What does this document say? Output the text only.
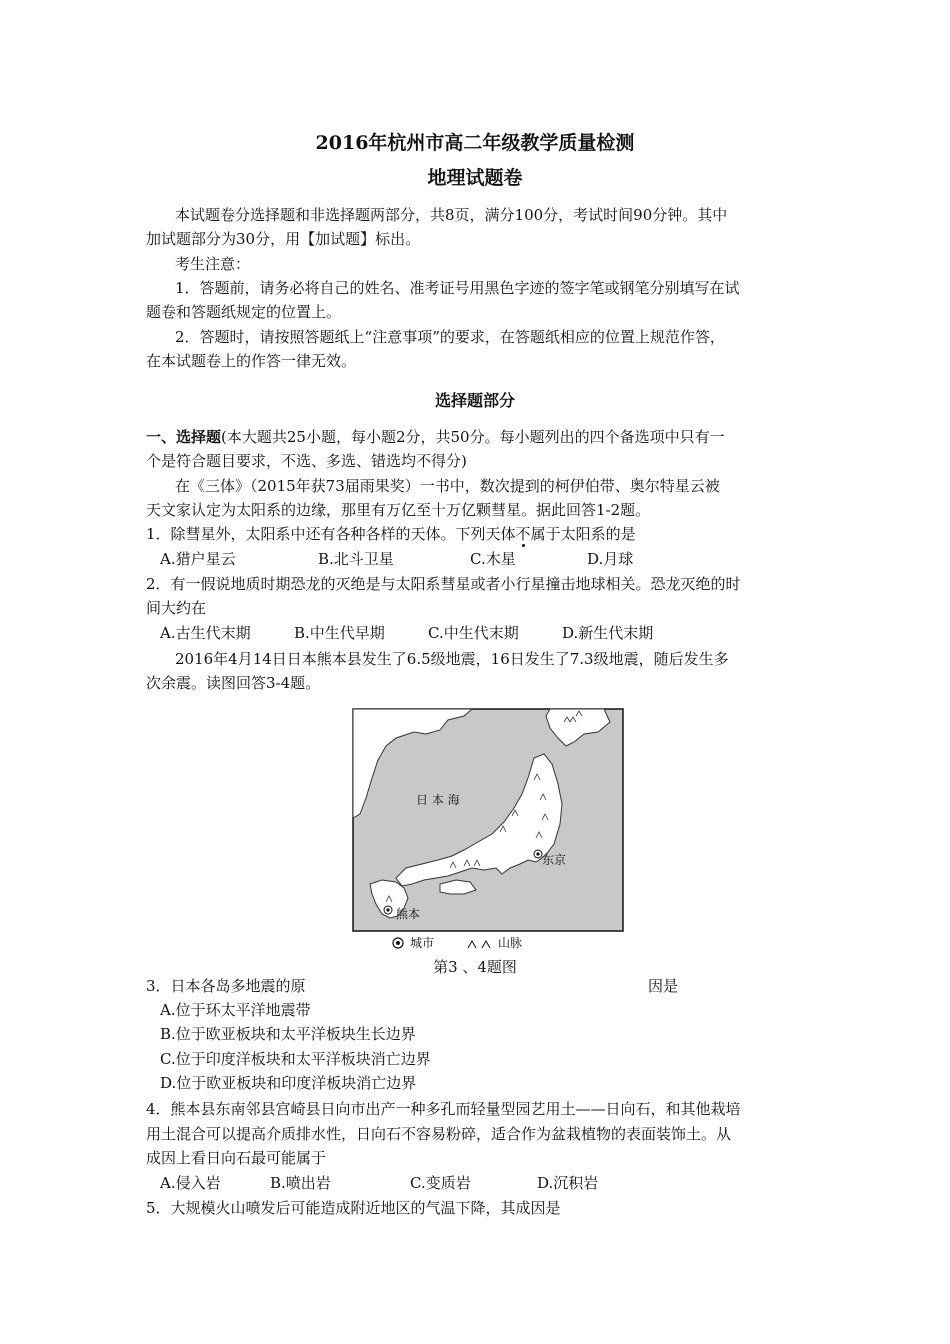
2016年杭州市高二年级教学质量检测
地理试题卷
本试题卷分选择题和非选择题两部分，共8页，满分100分，考试时间90分钟。其中
加试题部分为30分，用【加试题】标出。
考生注意：
1．答题前，请务必将自己的姓名、准考证号用黑色字迹的签字笔或钢笔分别填写在试
题卷和答题纸规定的位置上。
2．答题时，请按照答题纸上“注意事项”的要求，在答题纸相应的位置上规范作答，
在本试题卷上的作答一律无效。
选择题部分
一、选择题(本大题共25小题，每小题2分，共50分。每小题列出的四个备选项中只有一
个是符合题目要求，不选、多选、错选均不得分)
在《三体》（2015年获73届雨果奖）一书中，数次提到的柯伊伯带、奥尔特星云被
天文家认定为太阳系的边缘，那里有万亿至十万亿颗彗星。据此回答1-2题。
1．除彗星外，太阳系中还有各种各样的天体。下列天体不属于太阳系的是
A.猎户星云	B.北斗卫星	C.木星	D.月球
2．有一假说地质时期恐龙的灭绝是与太阳系彗星或者小行星撞击地球相关。恐龙灭绝的时
间大约在
A.古生代末期	B.中生代早期	C.中生代末期	D.新生代末期
2016年4月14日日本熊本县发生了6.5级地震，16日发生了7.3级地震，随后发生多
次余震。读图回答3-4题。
日 本 海
东京
熊本
城市	山脉
第3 、4题图
3．日本各岛多地震的原	因是
A.位于环太平洋地震带
B.位于欧亚板块和太平洋板块生长边界
C.位于印度洋板块和太平洋板块消亡边界
D.位于欧亚板块和印度洋板块消亡边界
4．熊本县东南邻县宫崎县日向市出产一种多孔而轻量型园艺用土——日向石，和其他栽培
用土混合可以提高介质排水性，日向石不容易粉碎，适合作为盆栽植物的表面装饰土。从
成因上看日向石最可能属于
A.侵入岩	B.喷出岩	C.变质岩	D.沉积岩
5．大规模火山喷发后可能造成附近地区的气温下降，其成因是
